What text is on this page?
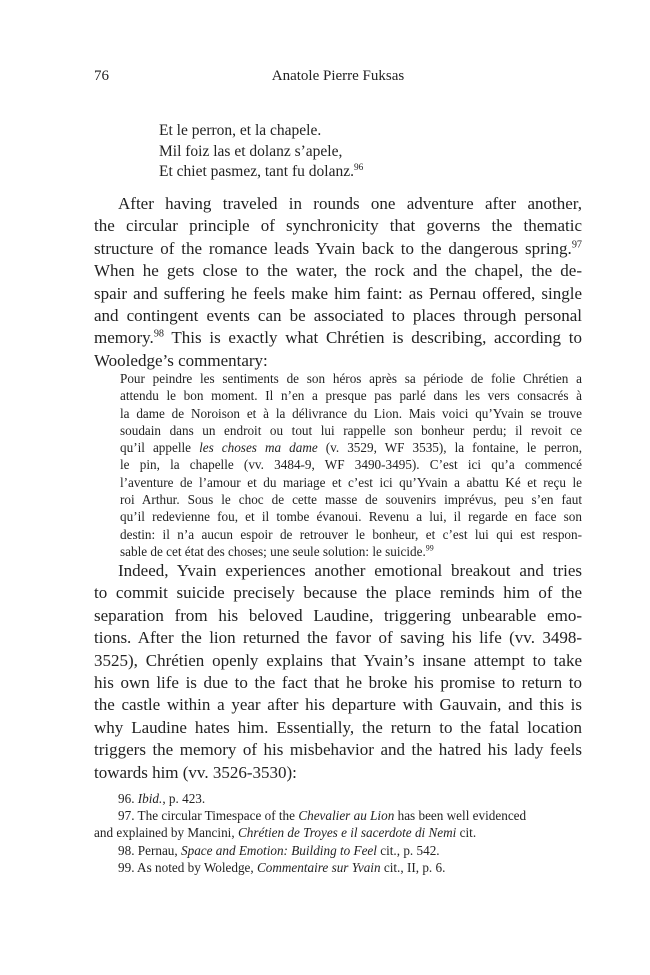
76	Anatole Pierre Fuksas
Et le perron, et la chapele.
Mil foiz las et dolanz s’apele,
Et chiet pasmez, tant fu dolanz.$^{96}$
After having traveled in rounds one adventure after another,
the circular principle of synchronicity that governs the thematic
structure of the romance leads Yvain back to the dangerous spring.$^{97}$
When he gets close to the water, the rock and the chapel, the de-
spair and suffering he feels make him faint: as Pernau offered, single
and contingent events can be associated to places through personal
memory.$^{98}$ This is exactly what Chrétien is describing, according to
Wooledge’s commentary:
Pour peindre les sentiments de son héros après sa période de folie Chrétien a
attendu le bon moment. Il n’en a presque pas parlé dans les vers consacrés à
la dame de Noroison et à la délivrance du Lion. Mais voici qu’Yvain se trouve
soudain dans un endroit ou tout lui rappelle son bonheur perdu; il revoit ce
qu’il appelle les choses ma dame (v. 3529, WF 3535), la fontaine, le perron,
le pin, la chapelle (vv. 3484-9, WF 3490-3495). C’est ici qu’a commencé
l’aventure de l’amour et du mariage et c’est ici qu’Yvain a abattu Ké et reçu le
roi Arthur. Sous le choc de cette masse de souvenirs imprévus, peu s’en faut
qu’il redevienne fou, et il tombe évanoui. Revenu a lui, il regarde en face son
destin: il n’a aucun espoir de retrouver le bonheur, et c’est lui qui est respon-
sable de cet état des choses; une seule solution: le suicide.$^{99}$
Indeed, Yvain experiences another emotional breakout and tries
to commit suicide precisely because the place reminds him of the
separation from his beloved Laudine, triggering unbearable emo-
tions. After the lion returned the favor of saving his life (vv. 3498-
3525), Chrétien openly explains that Yvain’s insane attempt to take
his own life is due to the fact that he broke his promise to return to
the castle within a year after his departure with Gauvain, and this is
why Laudine hates him. Essentially, the return to the fatal location
triggers the memory of his misbehavior and the hatred his lady feels
towards him (vv. 3526-3530):
96. Ibid., p. 423.
97. The circular Timespace of the Chevalier au Lion has been well evidenced
and explained by Mancini, Chrétien de Troyes e il sacerdote di Nemi cit.
98. Pernau, Space and Emotion: Building to Feel cit., p. 542.
99. As noted by Woledge, Commentaire sur Yvain cit., II, p. 6.
